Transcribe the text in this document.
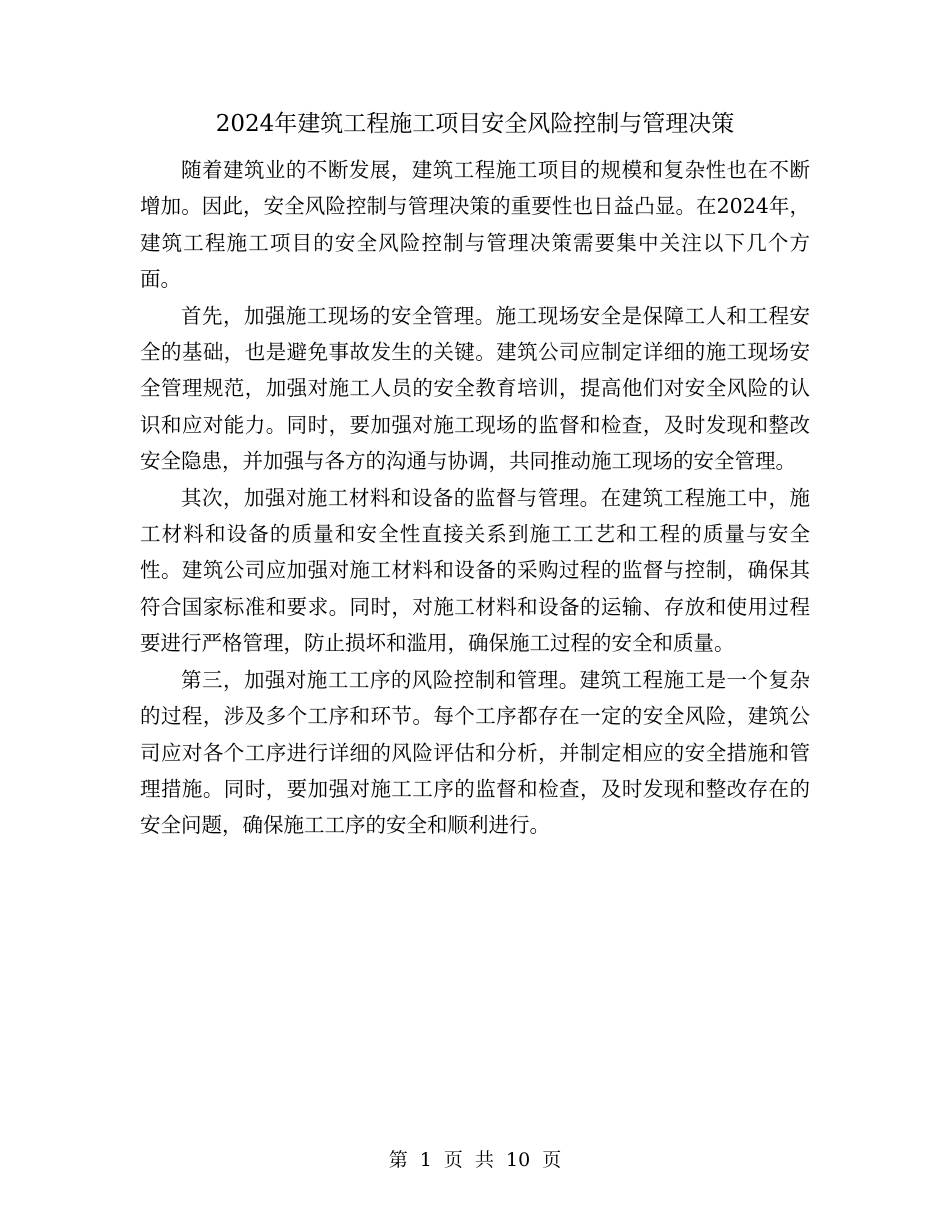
2024年建筑工程施工项目安全风险控制与管理决策

随着建筑业的不断发展，建筑工程施工项目的规模和复杂性也在不断增加。因此，安全风险控制与管理决策的重要性也日益凸显。在2024年，建筑工程施工项目的安全风险控制与管理决策需要集中关注以下几个方面。

首先，加强施工现场的安全管理。施工现场安全是保障工人和工程安全的基础，也是避免事故发生的关键。建筑公司应制定详细的施工现场安全管理规范，加强对施工人员的安全教育培训，提高他们对安全风险的认识和应对能力。同时，要加强对施工现场的监督和检查，及时发现和整改安全隐患，并加强与各方的沟通与协调，共同推动施工现场的安全管理。

其次，加强对施工材料和设备的监督与管理。在建筑工程施工中，施工材料和设备的质量和安全性直接关系到施工工艺和工程的质量与安全性。建筑公司应加强对施工材料和设备的采购过程的监督与控制，确保其符合国家标准和要求。同时，对施工材料和设备的运输、存放和使用过程要进行严格管理，防止损坏和滥用，确保施工过程的安全和质量。

第三，加强对施工工序的风险控制和管理。建筑工程施工是一个复杂的过程，涉及多个工序和环节。每个工序都存在一定的安全风险，建筑公司应对各个工序进行详细的风险评估和分析，并制定相应的安全措施和管理措施。同时，要加强对施工工序的监督和检查，及时发现和整改存在的安全问题，确保施工工序的安全和顺利进行。

第 1 页 共 10 页
